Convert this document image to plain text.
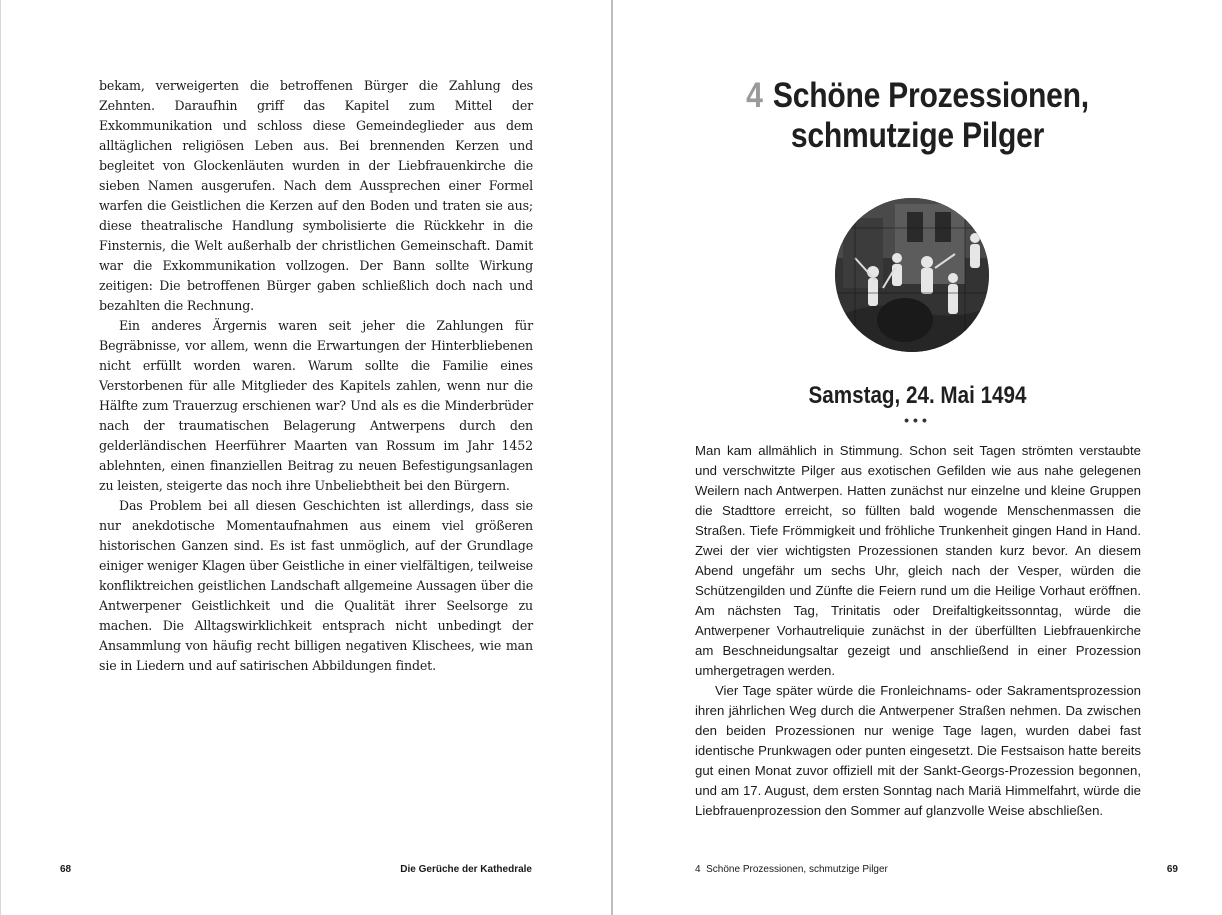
bekam, verweigerten die betroffenen Bürger die Zahlung des Zehnten. Daraufhin griff das Kapitel zum Mittel der Exkommunikation und schloss diese Gemeindeglieder aus dem alltäglichen religiösen Leben aus. Bei brennenden Kerzen und begleitet von Glockenläuten wurden in der Liebfrauenkirche die sieben Namen ausgerufen. Nach dem Aussprechen einer Formel warfen die Geistlichen die Kerzen auf den Boden und traten sie aus; diese theatralische Handlung symbolisierte die Rückkehr in die Finsternis, die Welt außerhalb der christlichen Gemeinschaft. Damit war die Exkommunikation vollzogen. Der Bann sollte Wirkung zeitigen: Die betroffenen Bürger gaben schließlich doch nach und bezahlten die Rechnung.

Ein anderes Ärgernis waren seit jeher die Zahlungen für Begräbnisse, vor allem, wenn die Erwartungen der Hinterbliebenen nicht erfüllt worden waren. Warum sollte die Familie eines Verstorbenen für alle Mitglieder des Kapitels zahlen, wenn nur die Hälfte zum Trauerzug erschienen war? Und als es die Minderbrüder nach der traumatischen Belagerung Antwerpens durch den gelderländischen Heerführer Maarten van Rossum im Jahr 1452 ablehnten, einen finanziellen Beitrag zu neuen Befestigungsanlagen zu leisten, steigerte das noch ihre Unbeliebtheit bei den Bürgern.

Das Problem bei all diesen Geschichten ist allerdings, dass sie nur anekdotische Momentaufnahmen aus einem viel größeren historischen Ganzen sind. Es ist fast unmöglich, auf der Grundlage einiger weniger Klagen über Geistliche in einer vielfältigen, teilweise konfliktreichen geistlichen Landschaft allgemeine Aussagen über die Antwerpener Geistlichkeit und die Qualität ihrer Seelsorge zu machen. Die Alltagswirklichkeit entsprach nicht unbedingt der Ansammlung von häufig recht billigen negativen Klischees, wie man sie in Liedern und auf satirischen Abbildungen findet.

68	Die Gerüche der Kathedrale
4 Schöne Prozessionen,
schmutzige Pilger
Samstag, 24. Mai 1494
•••

Man kam allmählich in Stimmung. Schon seit Tagen strömten verstaubte und verschwitzte Pilger aus exotischen Gefilden wie aus nahe gelegenen Weilern nach Antwerpen. Hatten zunächst nur einzelne und kleine Gruppen die Stadttore erreicht, so füllten bald wogende Menschenmassen die Straßen. Tiefe Frömmigkeit und fröhliche Trunkenheit gingen Hand in Hand. Zwei der vier wichtigsten Prozessionen standen kurz bevor. An diesem Abend ungefähr um sechs Uhr, gleich nach der Vesper, würden die Schützengilden und Zünfte die Feiern rund um die Heilige Vorhaut eröffnen. Am nächsten Tag, Trinitatis oder Dreifaltigkeitssonntag, würde die Antwerpener Vorhautreliquie zunächst in der überfüllten Liebfrauenkirche am Beschneidungsaltar gezeigt und anschließend in einer Prozession umhergetragen werden.

Vier Tage später würde die Fronleichnams- oder Sakramentsprozession ihren jährlichen Weg durch die Antwerpener Straßen nehmen. Da zwischen den beiden Prozessionen nur wenige Tage lagen, wurden dabei fast identische Prunkwagen oder punten eingesetzt. Die Festsaison hatte bereits gut einen Monat zuvor offiziell mit der Sankt-Georgs-Prozession begonnen, und am 17. August, dem ersten Sonntag nach Mariä Himmelfahrt, würde die Liebfrauenprozession den Sommer auf glanzvolle Weise abschließen.

4 Schöne Prozessionen, schmutzige Pilger	69
